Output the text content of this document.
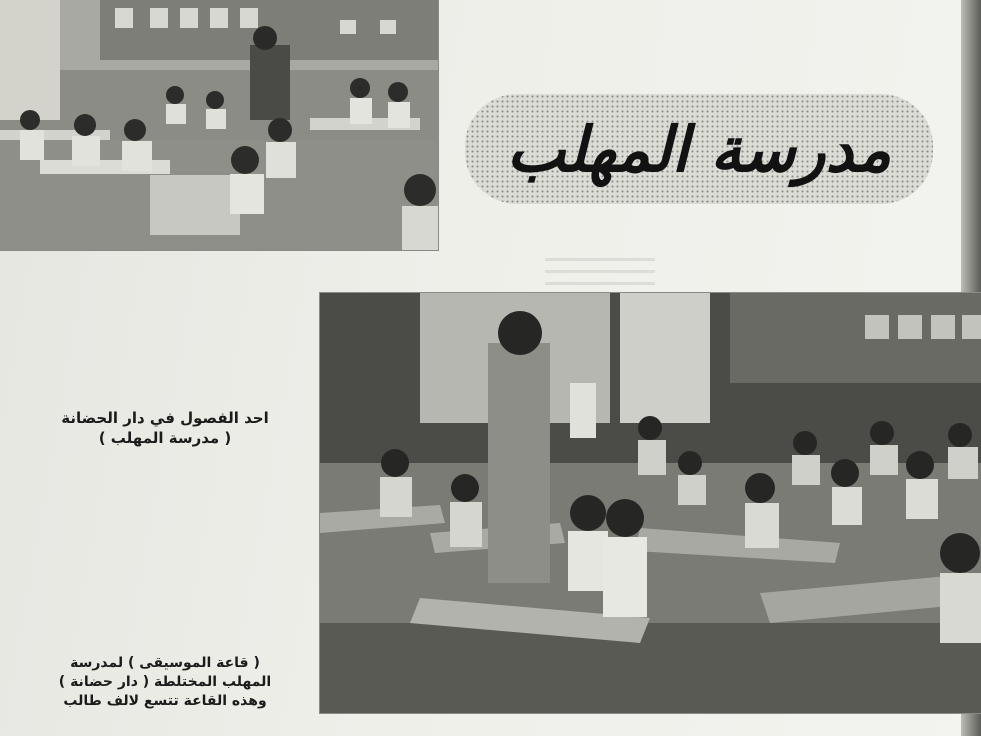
مدرسة المهلب
احد الفصول في دار الحضانة
( مدرسة المهلب )
( قاعة الموسيقى ) لمدرسة
المهلب المختلطة ( دار حضانة )
وهذه القاعة تتسع لالف طالب
